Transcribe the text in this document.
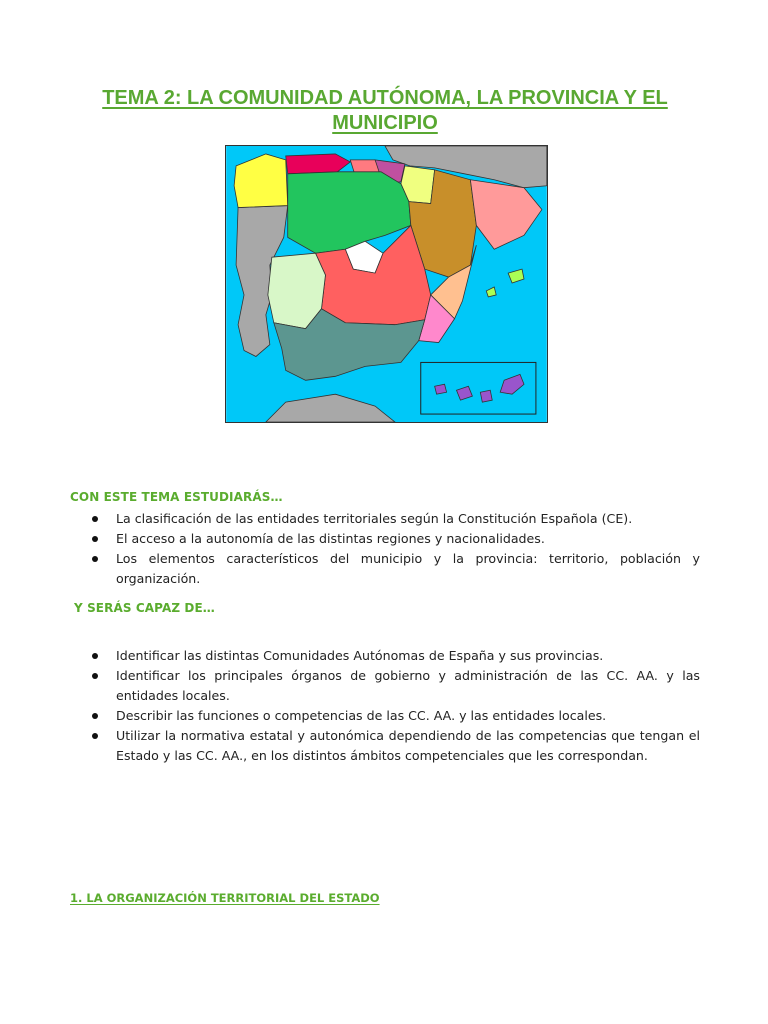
TEMA 2: LA COMUNIDAD AUTÓNOMA, LA PROVINCIA Y EL MUNICIPIO
CON ESTE TEMA ESTUDIARÁS…
La clasificación de las entidades territoriales según la Constitución Española (CE).
El acceso a la autonomía de las distintas regiones y nacionalidades.
Los elementos característicos del municipio y la provincia: territorio, población y organización.
Y SERÁS CAPAZ DE…
Identificar las distintas Comunidades Autónomas de España y sus provincias.
Identificar los principales órganos de gobierno y administración de las CC. AA. y las entidades locales.
Describir las funciones o competencias de las CC. AA. y las entidades locales.
Utilizar la normativa estatal y autonómica dependiendo de las competencias que tengan el Estado y las CC. AA., en los distintos ámbitos competenciales que les correspondan.
1. LA ORGANIZACIÓN TERRITORIAL DEL ESTADO
